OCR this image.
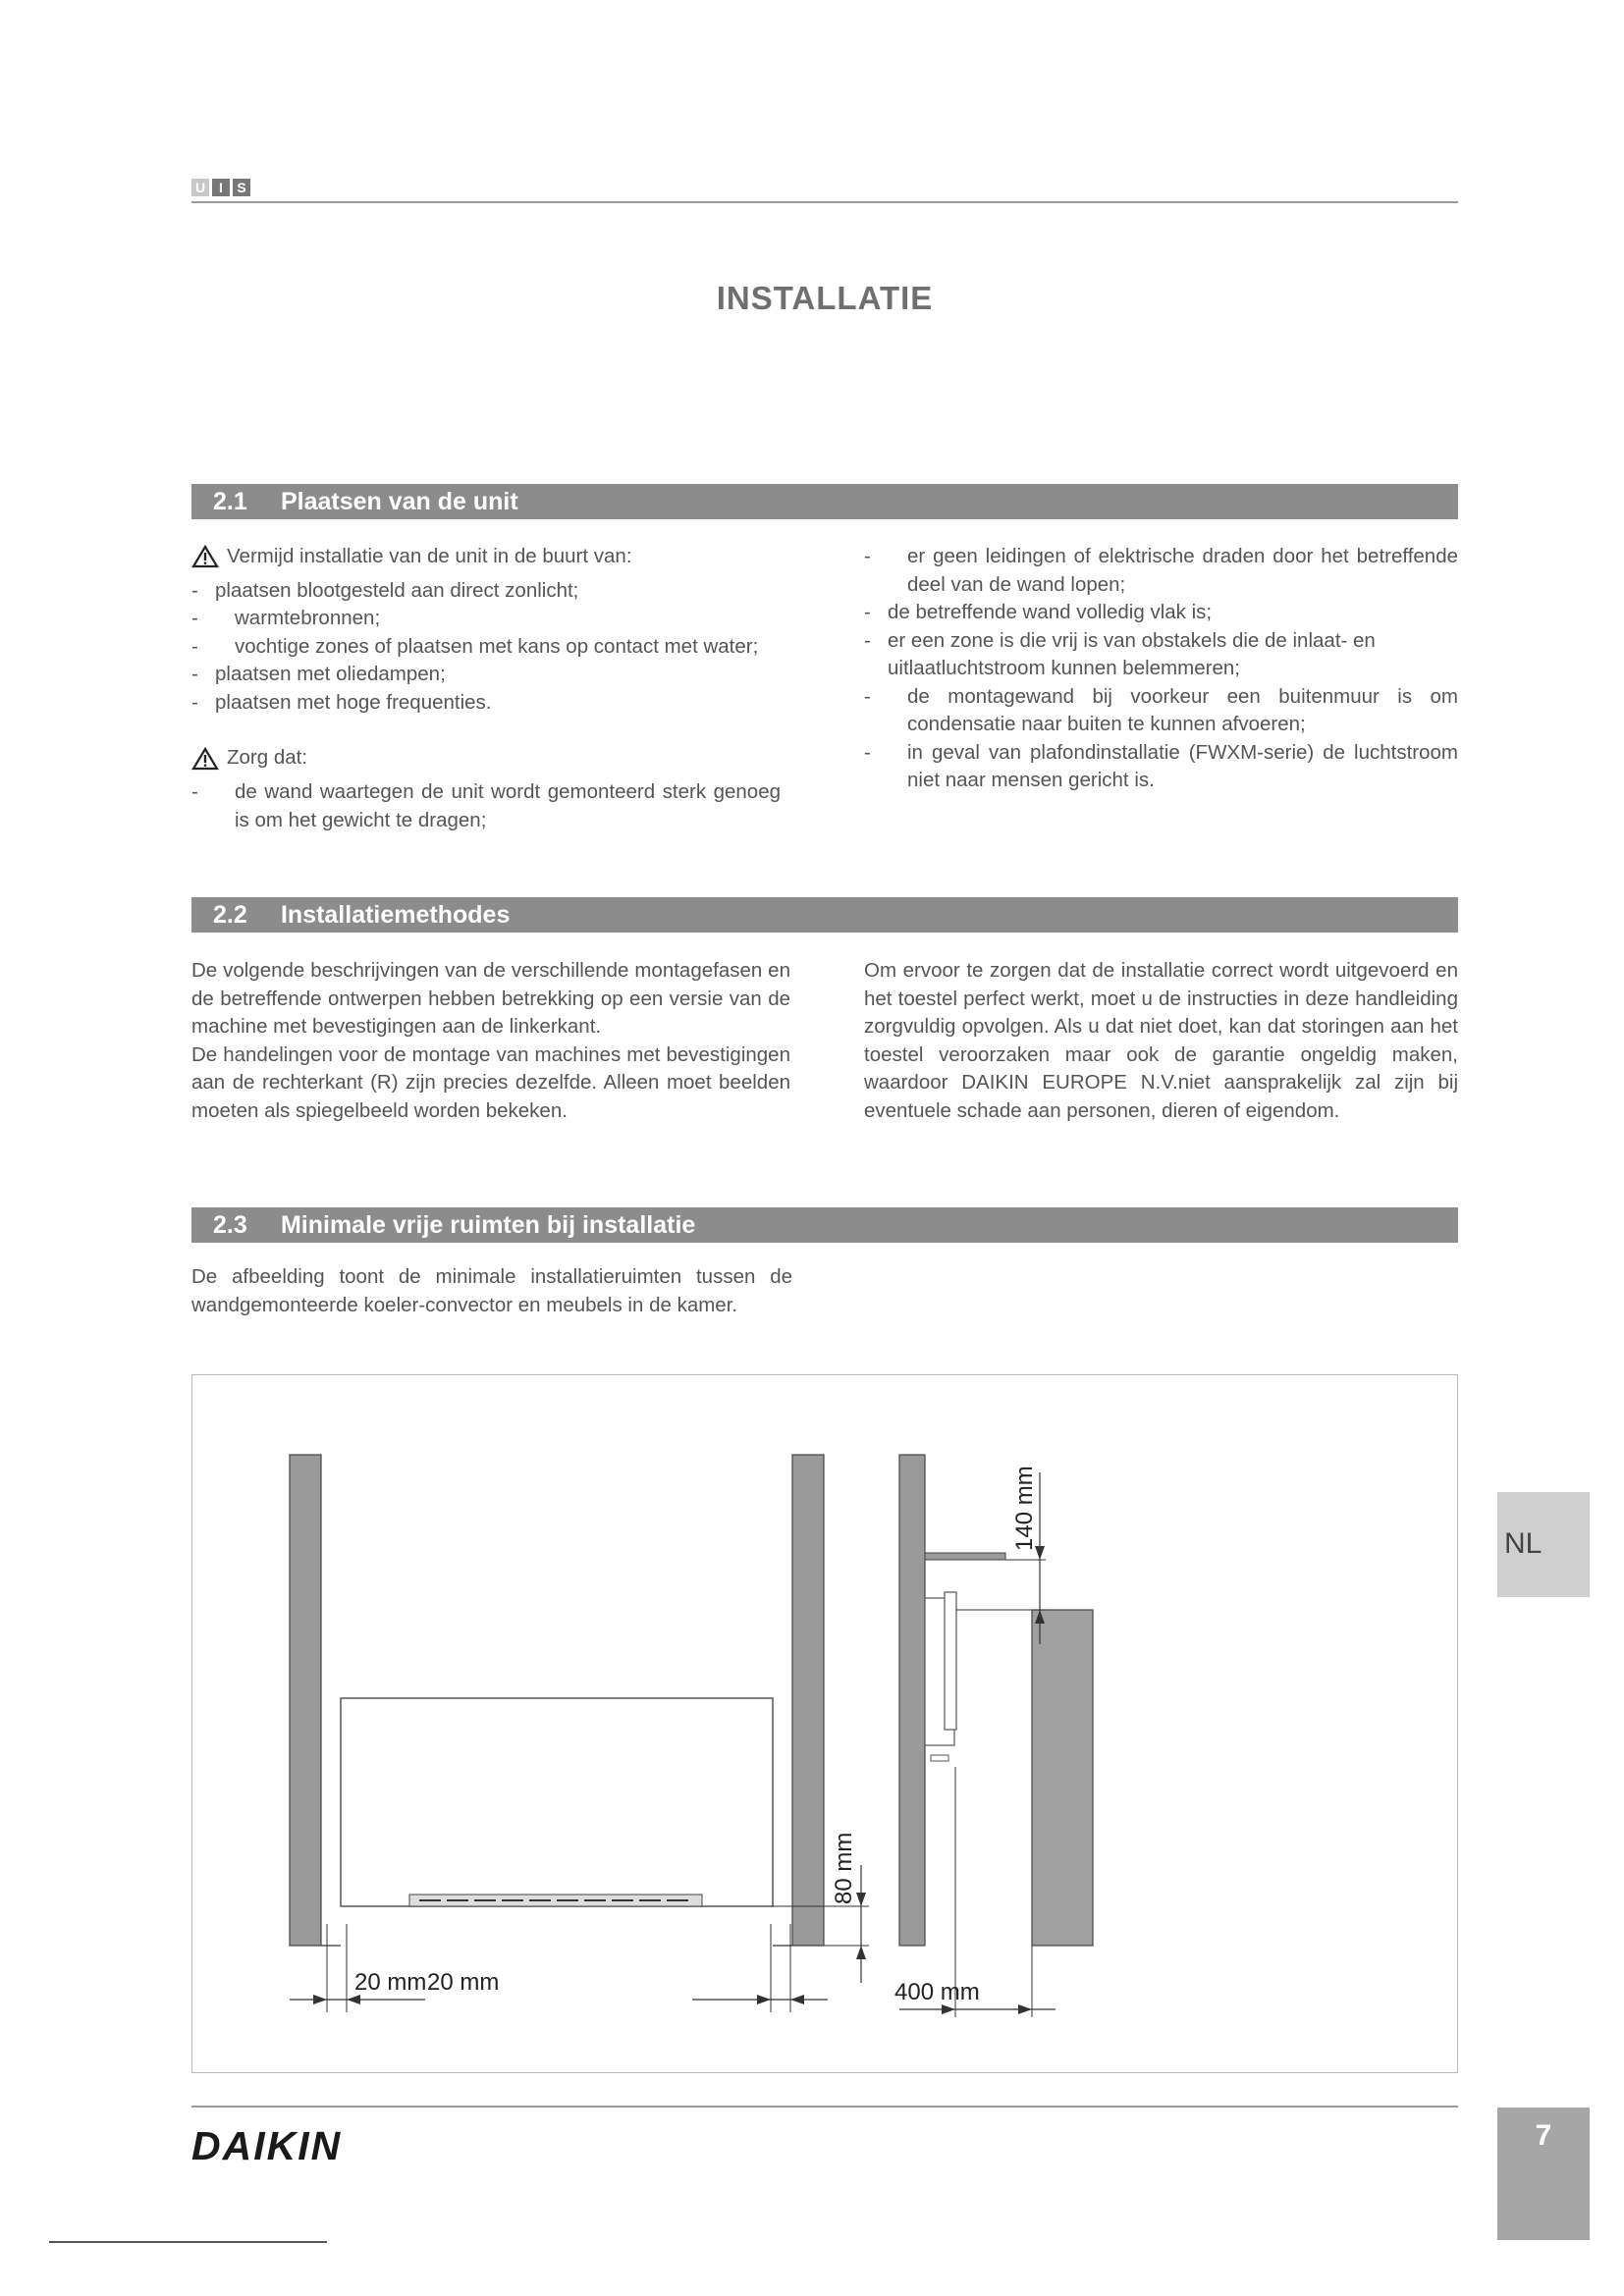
U I	S
INSTALLATIE
2.1 Plaatsen van de unit

Vermijd installatie van de unit in de buurt van:

- plaatsen blootgesteld aan direct zonlicht;

- warmtebronnen;

- vochtige zones of plaatsen met kans op contact met water;

- plaatsen met oliedampen;

- plaatsen met hoge frequenties.

Zorg dat:

- de wand waartegen de unit wordt gemonteerd sterk genoeg is om het gewicht te dragen;

- er geen leidingen of elektrische draden door het betreffende deel van de wand lopen;

- de betreffende wand volledig vlak is;

- er een zone is die vrij is van obstakels die de inlaat- en uitlaatluchtstroom kunnen belemmeren;

- de montagewand bij voorkeur een buitenmuur is om condensatie naar buiten te kunnen afvoeren;

- in geval van plafondinstallatie (FWXM-serie) de luchtstroom niet naar mensen gericht is.

2.2 Installatiemethodes

De volgende beschrijvingen van de verschillende montagefasen en de betreffende ontwerpen hebben betrekking op een versie van de machine met bevestigingen aan de linkerkant.

De handelingen voor de montage van machines met bevestigingen aan de rechterkant (R) zijn precies dezelfde. Alleen moet beelden moeten als spiegelbeeld worden bekeken.

Om ervoor te zorgen dat de installatie correct wordt uitgevoerd en het toestel perfect werkt, moet u de instructies in deze handleiding zorgvuldig opvolgen. Als u dat niet doet, kan dat storingen aan het toestel veroorzaken maar ook de garantie ongeldig maken, waardoor DAIKIN EUROPE N.V.niet aansprakelijk zal zijn bij eventuele schade aan personen, dieren of eigendom.

2.3 Minimale vrije ruimten bij installatie

De afbeelding toont de minimale installatieruimten tussen de wandgemonteerde koeler-convector en meubels in de kamer.

20 mm 20 mm
80 mm
140 mm
400 mm
NL
DAIKIN	7
